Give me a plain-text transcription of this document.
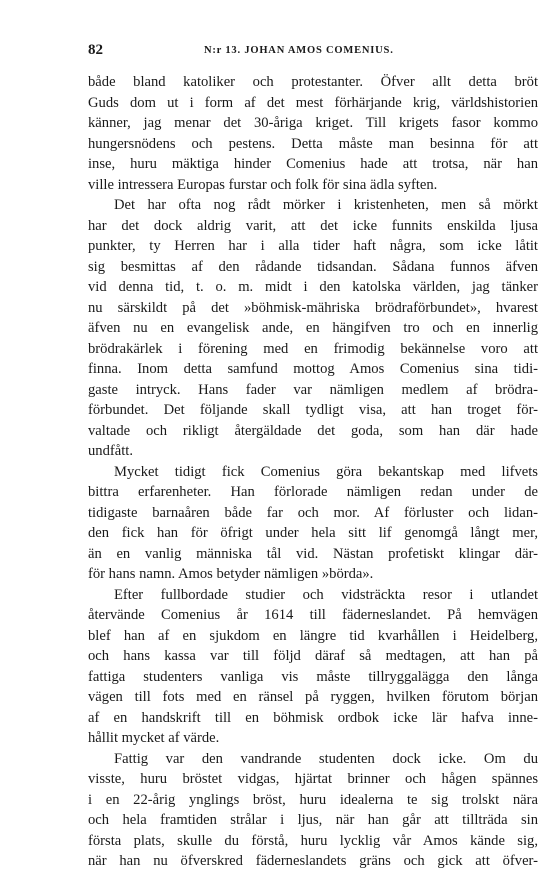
82	N:r 13. JOHAN AMOS COMENIUS.
både bland katoliker och protestanter. Öfver allt detta bröt
Guds dom ut i form af det mest förhärjande krig, världshistorien
känner, jag menar det 30-åriga kriget. Till krigets fasor kommo
hungersnödens och pestens. Detta måste man besinna för att
inse, huru mäktiga hinder Comenius hade att trotsa, när han
ville intressera Europas furstar och folk för sina ädla syften.
Det har ofta nog rådt mörker i kristenheten, men så mörkt
har det dock aldrig varit, att det icke funnits enskilda ljusa
punkter, ty Herren har i alla tider haft några, som icke låtit
sig besmittas af den rådande tidsandan. Sådana funnos äfven
vid denna tid, t. o. m. midt i den katolska världen, jag tänker
nu särskildt på det »böhmisk-mähriska brödraförbundet», hvarest
äfven nu en evangelisk ande, en hängifven tro och en innerlig
brödrakärlek i förening med en frimodig bekännelse voro att
finna. Inom detta samfund mottog Amos Comenius sina tidi-
gaste intryck. Hans fader var nämligen medlem af brödra-
förbundet. Det följande skall tydligt visa, att han troget för-
valtade och rikligt återgäldade det goda, som han där hade
undfått.
Mycket tidigt fick Comenius göra bekantskap med lifvets
bittra erfarenheter. Han förlorade nämligen redan under de
tidigaste barnaåren både far och mor. Af förluster och lidan-
den fick han för öfrigt under hela sitt lif genomgå långt mer,
än en vanlig människa tål vid. Nästan profetiskt klingar där-
för hans namn. Amos betyder nämligen »börda».
Efter fullbordade studier och vidsträckta resor i utlandet
återvände Comenius år 1614 till fäderneslandet. På hemvägen
blef han af en sjukdom en längre tid kvarhållen i Heidelberg,
och hans kassa var till följd däraf så medtagen, att han på
fattiga studenters vanliga vis måste tillryggalägga den långa
vägen till fots med en ränsel på ryggen, hvilken förutom början
af en handskrift till en böhmisk ordbok icke lär hafva inne-
hållit mycket af värde.
Fattig var den vandrande studenten dock icke. Om du
visste, huru bröstet vidgas, hjärtat brinner och hågen spännes
i en 22-årig ynglings bröst, huru idealerna te sig trolskt nära
och hela framtiden strålar i ljus, när han går att tillträda sin
första plats, skulle du förstå, huru lycklig vår Amos kände sig,
när han nu öfverskred fäderneslandets gräns och gick att öfver-
